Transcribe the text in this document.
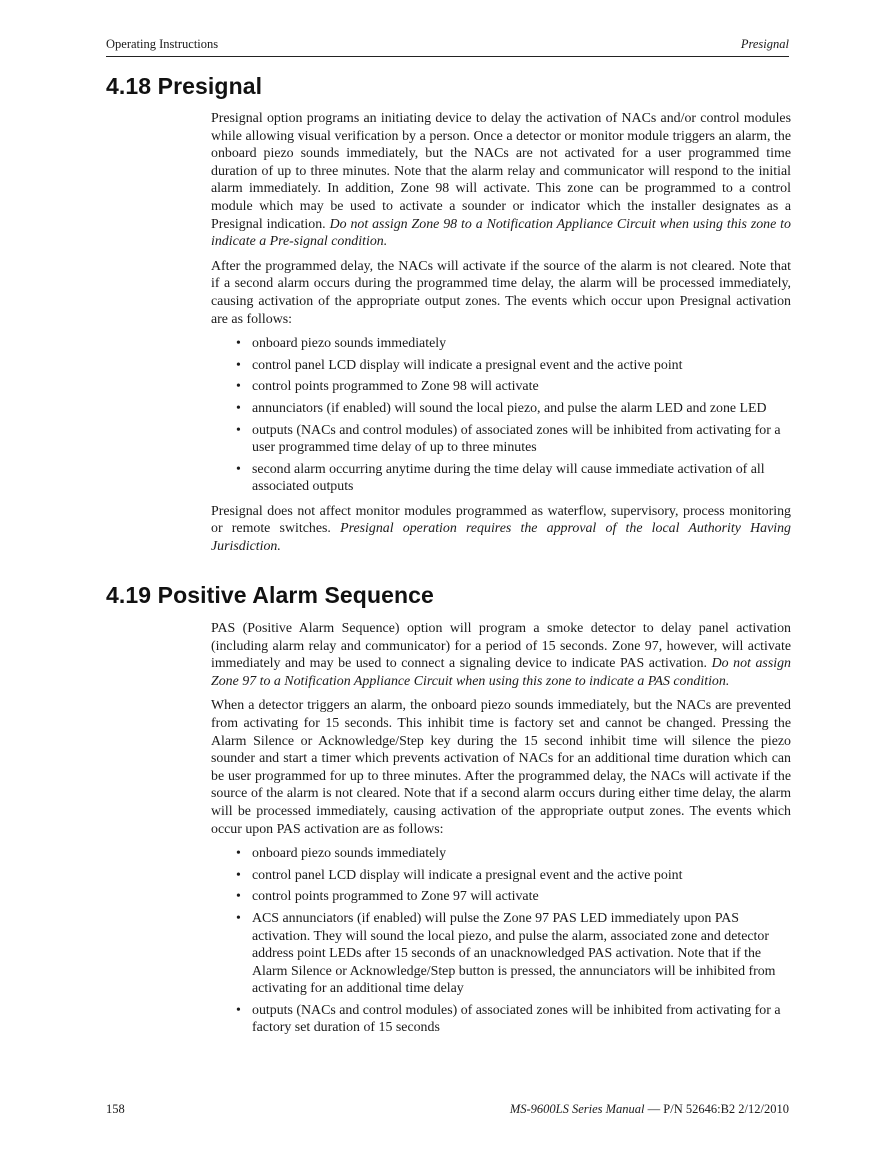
Operating Instructions	Presignal
4.18 Presignal

Presignal option programs an initiating device to delay the activation of NACs and/or control modules while allowing visual verification by a person. Once a detector or monitor module triggers an alarm, the onboard piezo sounds immediately, but the NACs are not activated for a user programmed time duration of up to three minutes. Note that the alarm relay and communicator will respond to the initial alarm immediately. In addition, Zone 98 will activate. This zone can be programmed to a control module which may be used to activate a sounder or indicator which the installer designates as a Presignal indication. Do not assign Zone 98 to a Notification Appliance Circuit when using this zone to indicate a Pre-signal condition.

After the programmed delay, the NACs will activate if the source of the alarm is not cleared. Note that if a second alarm occurs during the programmed time delay, the alarm will be processed immediately, causing activation of the appropriate output zones. The events which occur upon Presignal activation are as follows:

• onboard piezo sounds immediately
• control panel LCD display will indicate a presignal event and the active point
• control points programmed to Zone 98 will activate
• annunciators (if enabled) will sound the local piezo, and pulse the alarm LED and zone LED
• outputs (NACs and control modules) of associated zones will be inhibited from activating for a user programmed time delay of up to three minutes
• second alarm occurring anytime during the time delay will cause immediate activation of all associated outputs

Presignal does not affect monitor modules programmed as waterflow, supervisory, process monitoring or remote switches. Presignal operation requires the approval of the local Authority Having Jurisdiction.

4.19 Positive Alarm Sequence

PAS (Positive Alarm Sequence) option will program a smoke detector to delay panel activation (including alarm relay and communicator) for a period of 15 seconds. Zone 97, however, will activate immediately and may be used to connect a signaling device to indicate PAS activation. Do not assign Zone 97 to a Notification Appliance Circuit when using this zone to indicate a PAS condition.

When a detector triggers an alarm, the onboard piezo sounds immediately, but the NACs are prevented from activating for 15 seconds. This inhibit time is factory set and cannot be changed. Pressing the Alarm Silence or Acknowledge/Step key during the 15 second inhibit time will silence the piezo sounder and start a timer which prevents activation of NACs for an additional time duration which can be user programmed for up to three minutes. After the programmed delay, the NACs will activate if the source of the alarm is not cleared. Note that if a second alarm occurs during either time delay, the alarm will be processed immediately, causing activation of the appropriate output zones. The events which occur upon PAS activation are as follows:

• onboard piezo sounds immediately
• control panel LCD display will indicate a presignal event and the active point
• control points programmed to Zone 97 will activate
• ACS annunciators (if enabled) will pulse the Zone 97 PAS LED immediately upon PAS activation. They will sound the local piezo, and pulse the alarm, associated zone and detector address point LEDs after 15 seconds of an unacknowledged PAS activation. Note that if the Alarm Silence or Acknowledge/Step button is pressed, the annunciators will be inhibited from activating for an additional time delay
• outputs (NACs and control modules) of associated zones will be inhibited from activating for a factory set duration of 15 seconds
158	MS-9600LS Series Manual — P/N 52646:B2 2/12/2010
